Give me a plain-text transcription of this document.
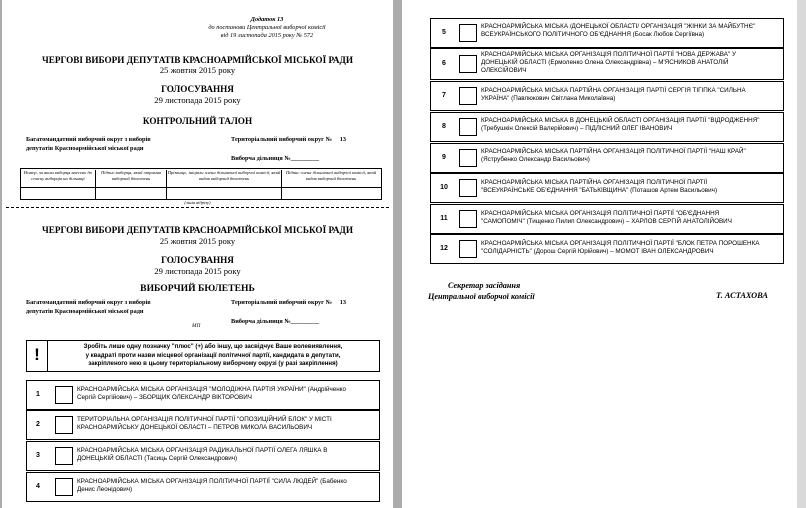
Додаток 13
до постанови Центральної виборчої комісії
від 19 листопада 2015 року № 572
ЧЕРГОВІ ВИБОРИ ДЕПУТАТІВ КРАСНОАРМІЙСЬКОЇ МІСЬКОЇ РАДИ
25 жовтня 2015 року
ГОЛОСУВАННЯ
29 листопада 2015 року
КОНТРОЛЬНИЙ ТАЛОН
Багатомандатний виборчий округ з виборів
депутатів Красноармійської міської ради
Територіальний виборчий округ №     13
Виборча дільниця №_________
Номер, за яким виборця внесено до списку виборців на дільниці
Підпис виборця, який отримав виборчий бюлетень
Прізвище, ініціали члена дільничної виборчої комісії, який видав виборчий бюлетень
Підпис члена дільничної виборчої комісії, який видав виборчий бюлетень
(лінія відрізу)
ЧЕРГОВІ ВИБОРИ ДЕПУТАТІВ КРАСНОАРМІЙСЬКОЇ МІСЬКОЇ РАДИ
25 жовтня 2015 року
ГОЛОСУВАННЯ
29 листопада 2015 року
ВИБОРЧИЙ БЮЛЕТЕНЬ
Багатомандатний виборчий округ з виборів
депутатів Красноармійської міської ради
Територіальний виборчий округ №     13
МП
Виборча дільниця №_________
!	Зробіть лише одну позначку "плюс" (+) або іншу, що засвідчує Ваше волевиявлення,
у квадраті проти назви місцевої організації політичної партії, кандидата в депутати,
закріпленого нею в цьому територіальному виборчому окрузі (у разі закріплення)
1
КРАСНОАРМІЙСЬКА МІСЬКА ОРГАНІЗАЦІЯ "МОЛОДІЖНА ПАРТІЯ УКРАЇНИ" (Андрійченко
Сергій Сергійович) – ЗБОРЩИК ОЛЕКСАНДР ВІКТОРОВИЧ
2
ТЕРИТОРІАЛЬНА ОРГАНІЗАЦІЯ ПОЛІТИЧНОЇ ПАРТІЇ "ОПОЗИЦІЙНИЙ БЛОК" У МІСТІ
КРАСНОАРМІЙСЬКУ ДОНЕЦЬКОЇ ОБЛАСТІ – ПЕТРОВ МИКОЛА ВАСИЛЬОВИЧ
3
КРАСНОАРМІЙСЬКА МІСЬКА ОРГАНІЗАЦІЯ РАДИКАЛЬНОЇ ПАРТІЇ ОЛЕГА ЛЯШКА В
ДОНЕЦЬКІЙ ОБЛАСТІ (Тасиць Сергій Олександрович)
4
КРАСНОАРМІЙСЬКА МІСЬКА ОРГАНІЗАЦІЯ ПОЛІТИЧНОЇ ПАРТІЇ "СИЛА ЛЮДЕЙ" (Бабенко
Денис Леонідович)
5
КРАСНОАРМІЙСЬКА МІСЬКА /ДОНЕЦЬКОЇ ОБЛАСТІ/ ОРГАНІЗАЦІЯ "ЖІНКИ ЗА МАЙБУТНЄ"
ВСЕУКРАЇНСЬКОГО ПОЛІТИЧНОГО ОБ'ЄДНАННЯ (Босак Любов Сергіївна)
6
КРАСНОАРМІЙСЬКА МІСЬКА ОРГАНІЗАЦІЯ ПОЛІТИЧНОЇ ПАРТІЇ "НОВА ДЕРЖАВА" У
ДОНЕЦЬКІЙ ОБЛАСТІ (Ермоленко Олена Олександрівна) – М'ЯСНИКОВ АНАТОЛІЙ
ОЛЕКСІЙОВИЧ
7
КРАСНОАРМІЙСЬКА МІСЬКА ПАРТІЙНА ОРГАНІЗАЦІЯ ПАРТІЇ СЕРГІЯ ТІГІПКА "СИЛЬНА
УКРАЇНА" (Павлюкович Світлана Миколаївна)
8
КРАСНОАРМІЙСЬКА МІСЬКА В ДОНЕЦЬКІЙ ОБЛАСТІ ОРГАНІЗАЦІЯ ПАРТІЇ "ВІДРОДЖЕННЯ"
(Требушкін Олексій Валерійович) – ПІДЛІСНИЙ ОЛЕГ ІВАНОВИЧ
9
КРАСНОАРМІЙСЬКА МІСЬКА ПАРТІЙНА ОРГАНІЗАЦІЯ ПОЛІТИЧНОЇ ПАРТІЇ "НАШ КРАЙ"
(Яструбенко Олександр Васильович)
10
КРАСНОАРМІЙСЬКА МІСЬКА ПАРТІЙНА ОРГАНІЗАЦІЯ ПОЛІТИЧНОЇ ПАРТІЇ
"ВСЕУКРАЇНСЬКЕ ОБ'ЄДНАННЯ "БАТЬКІВЩИНА" (Поташов Артем Васильович)
11
КРАСНОАРМІЙСЬКА МІСЬКА ОРГАНІЗАЦІЯ ПОЛІТИЧНОЇ ПАРТІЇ "ОБ'ЄДНАННЯ
"САМОПОМІЧ" (Тищенко Пилип Олександрович) – ХАРЛОВ СЕРГІЙ АНАТОЛІЙОВИЧ
12
КРАСНОАРМІЙСЬКА МІСЬКА ОРГАНІЗАЦІЯ ПОЛІТИЧНОЇ ПАРТІЇ "БЛОК ПЕТРА ПОРОШЕНКА
"СОЛІДАРНІСТЬ" (Дорош Сергій Юрійович) – МОМОТ ІВАН ОЛЕКСАНДРОВИЧ
Секретар засідання
Центральної виборчої комісії	Т. АСТАХОВА
